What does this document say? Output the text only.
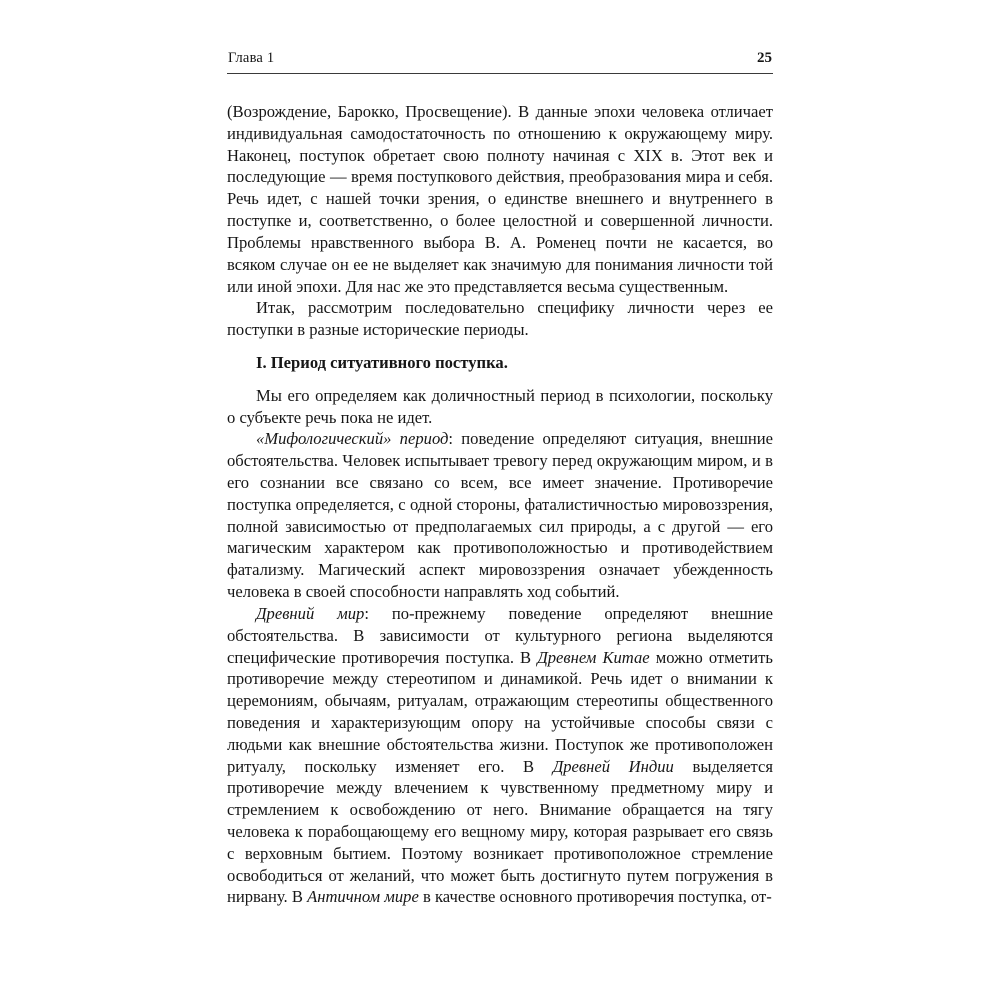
Глава 1	25

(Возрождение, Барокко, Просвещение). В данные эпохи человека отличает индивидуальная самодостаточность по отношению к окружающему миру. Наконец, поступок обретает свою полноту начиная с XIX в. Этот век и последующие — время поступкового действия, преобразования мира и себя. Речь идет, с нашей точки зрения, о единстве внешнего и внутреннего в поступке и, соответственно, о более целостной и совершенной личности. Проблемы нравственного выбора В. А. Роменец почти не касается, во всяком случае он ее не выделяет как значимую для понимания личности той или иной эпохи. Для нас же это представляется весьма существенным.

Итак, рассмотрим последовательно специфику личности через ее поступки в разные исторические периоды.

I. Период ситуативного поступка.

Мы его определяем как доличностный период в психологии, поскольку о субъекте речь пока не идет.

«Мифологический» период: поведение определяют ситуация, внешние обстоятельства. Человек испытывает тревогу перед окружающим миром, и в его сознании все связано со всем, все имеет значение. Противоречие поступка определяется, с одной стороны, фаталистичностью мировоззрения, полной зависимостью от предполагаемых сил природы, а с другой — его магическим характером как противоположностью и противодействием фатализму. Магический аспект мировоззрения означает убежденность человека в своей способности направлять ход событий.

Древний мир: по-прежнему поведение определяют внешние обстоятельства. В зависимости от культурного региона выделяются специфические противоречия поступка. В Древнем Китае можно отметить противоречие между стереотипом и динамикой. Речь идет о внимании к церемониям, обычаям, ритуалам, отражающим стереотипы общественного поведения и характеризующим опору на устойчивые способы связи с людьми как внешние обстоятельства жизни. Поступок же противоположен ритуалу, поскольку изменяет его. В Древней Индии выделяется противоречие между влечением к чувственному предметному миру и стремлением к освобождению от него. Внимание обращается на тягу человека к порабощающему его вещному миру, которая разрывает его связь с верховным бытием. Поэтому возникает противоположное стремление освободиться от желаний, что может быть достигнуто путем погружения в нирвану. В Античном мире в качестве основного противоречия поступка, от-
